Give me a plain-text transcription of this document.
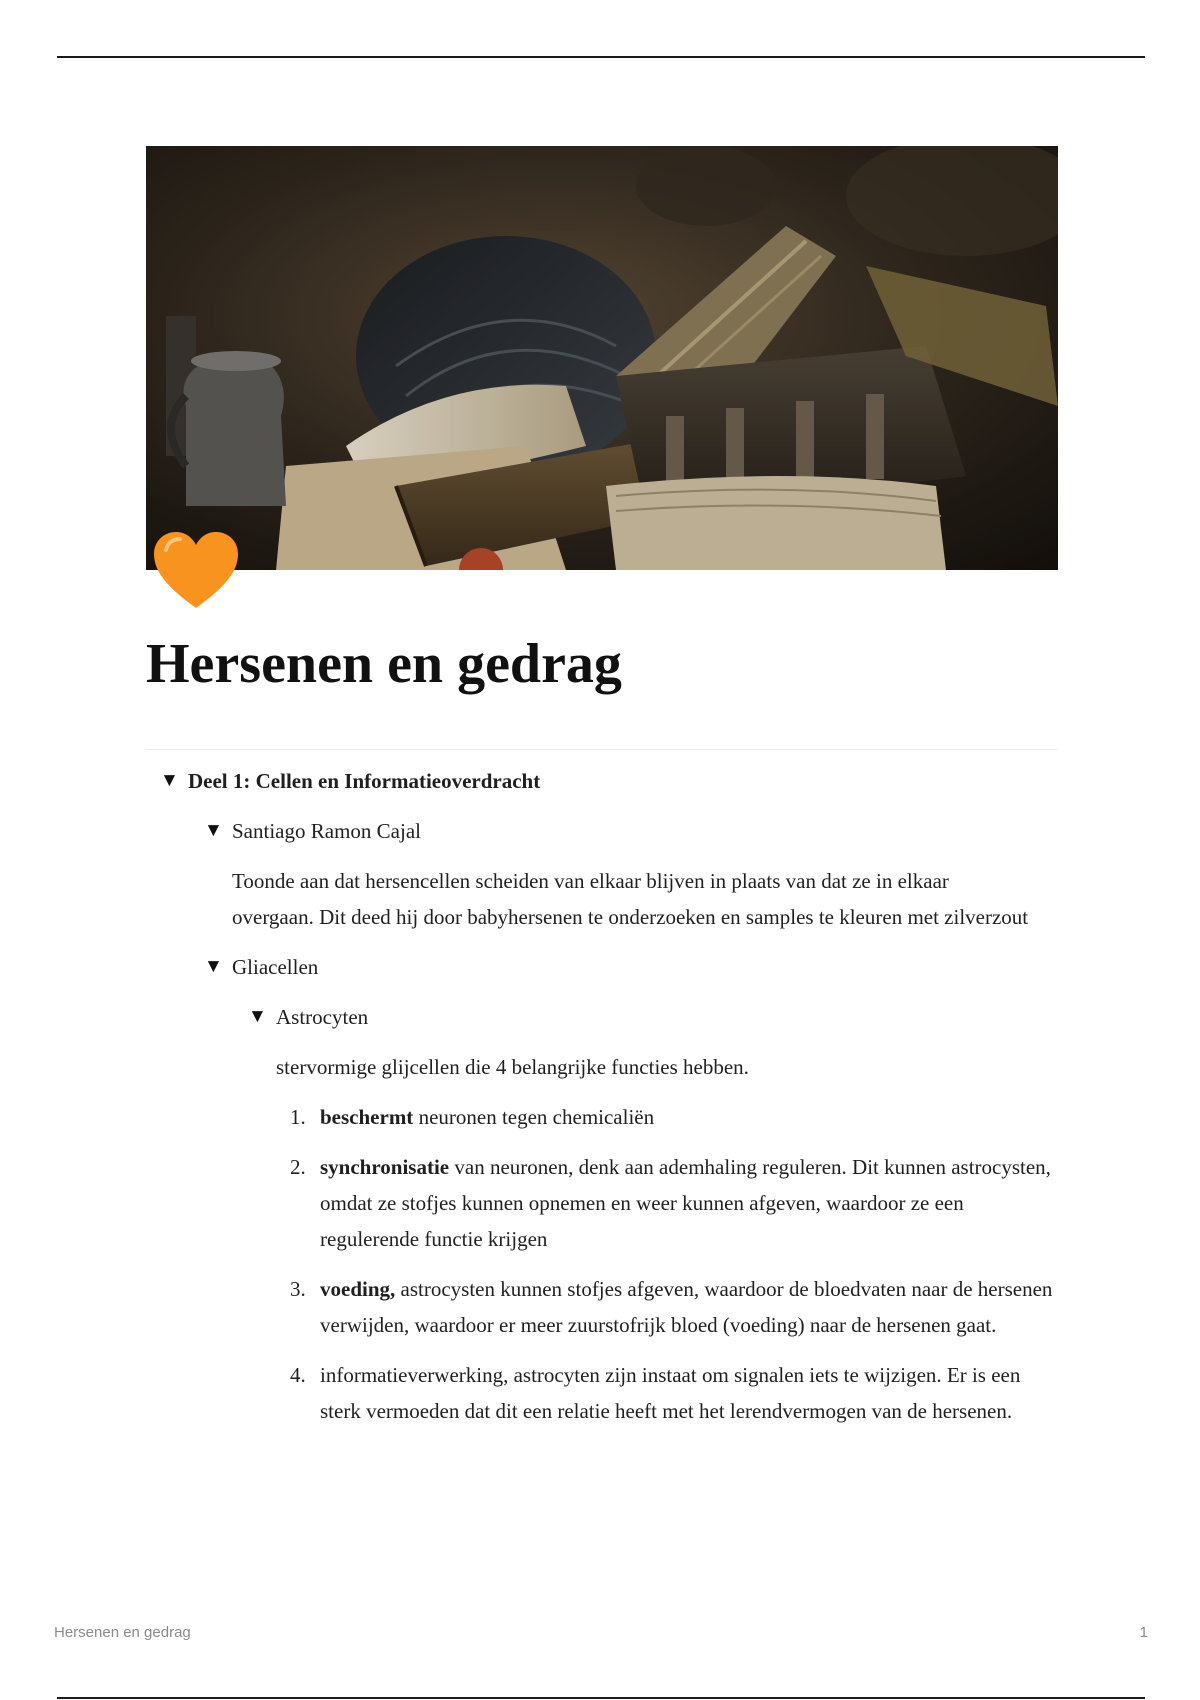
Hersenen en gedrag
▼ Deel 1: Cellen en Informatieoverdracht
▼ Santiago Ramon Cajal

Toonde aan dat hersencellen scheiden van elkaar blijven in plaats van dat ze in elkaar overgaan. Dit deed hij door babyhersenen te onderzoeken en samples te kleuren met zilverzout

▼ Gliacellen
▼ Astrocyten

stervormige glijcellen die 4 belangrijke functies hebben.

1. beschermt neuronen tegen chemicaliën
2. synchronisatie van neuronen, denk aan ademhaling reguleren. Dit kunnen astrocysten, omdat ze stofjes kunnen opnemen en weer kunnen afgeven, waardoor ze een regulerende functie krijgen
3. voeding, astrocysten kunnen stofjes afgeven, waardoor de bloedvaten naar de hersenen verwijden, waardoor er meer zuurstofrijk bloed (voeding) naar de hersenen gaat.
4. informatieverwerking, astrocyten zijn instaat om signalen iets te wijzigen. Er is een sterk vermoeden dat dit een relatie heeft met het lerendvermogen van de hersenen.
Hersenen en gedrag	1
